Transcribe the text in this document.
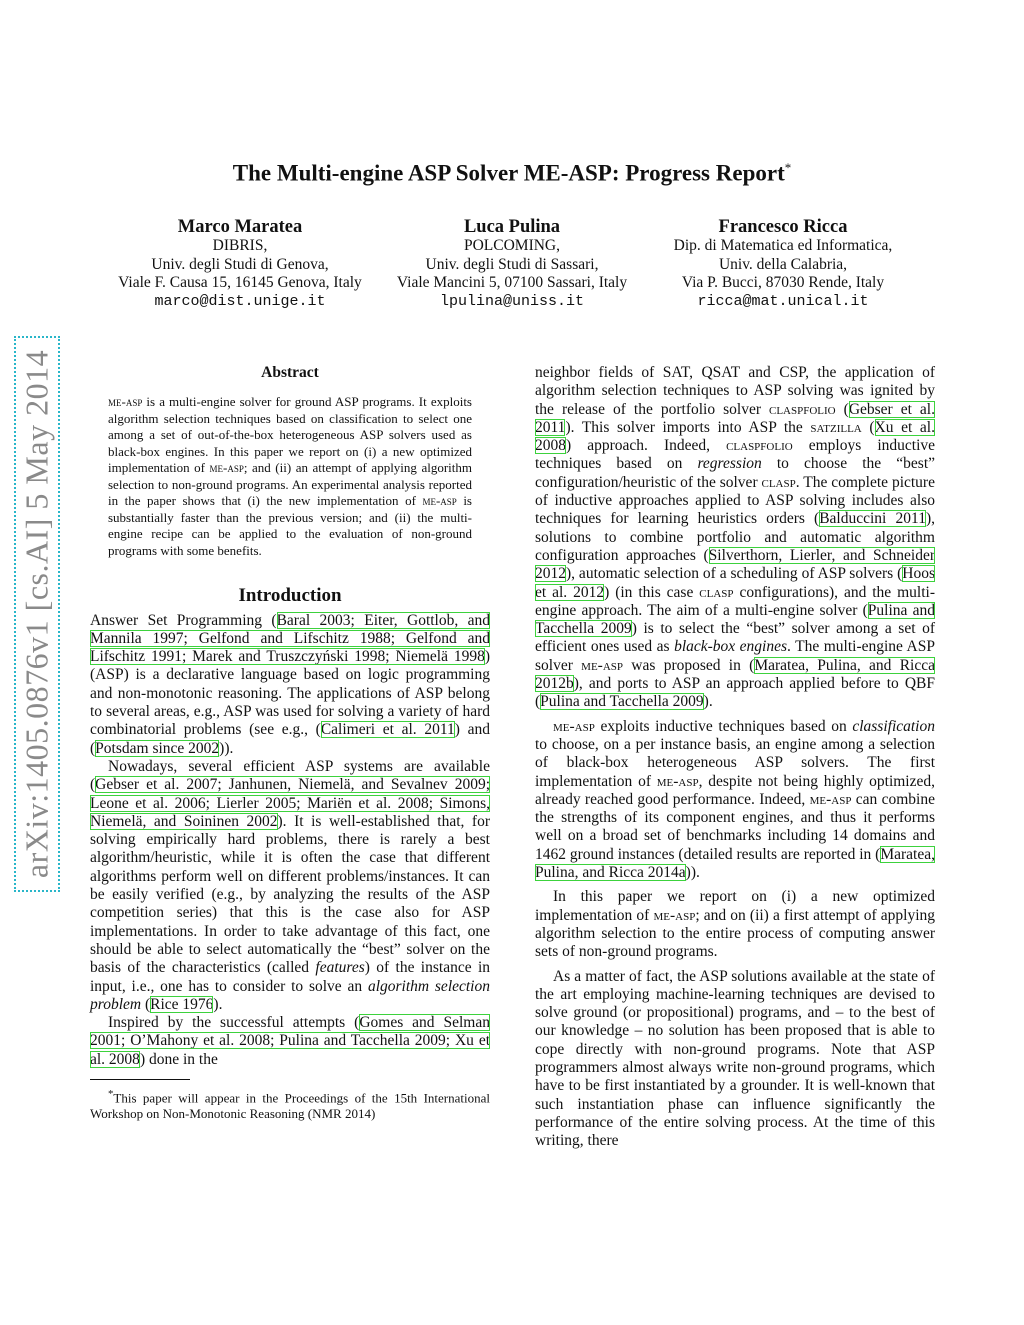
arXiv:1405.0876v1 [cs.AI] 5 May 2014
The Multi-engine ASP Solver ME-ASP: Progress Report*
Marco Maratea
DIBRIS,
Univ. degli Studi di Genova,
Viale F. Causa 15, 16145 Genova, Italy
marco@dist.unige.it
Luca Pulina
POLCOMING,
Univ. degli Studi di Sassari,
Viale Mancini 5, 07100 Sassari, Italy
lpulina@uniss.it
Francesco Ricca
Dip. di Matematica ed Informatica,
Univ. della Calabria,
Via P. Bucci, 87030 Rende, Italy
ricca@mat.unical.it
Abstract

me-asp is a multi-engine solver for ground ASP programs. It exploits algorithm selection techniques based on classification to select one among a set of out-of-the-box heterogeneous ASP solvers used as black-box engines. In this paper we report on (i) a new optimized implementation of me-asp; and (ii) an attempt of applying algorithm selection to non-ground programs. An experimental analysis reported in the paper shows that (i) the new implementation of me-asp is substantially faster than the previous version; and (ii) the multi-engine recipe can be applied to the evaluation of non-ground programs with some benefits.

Introduction

Answer Set Programming (Baral 2003; Eiter, Gottlob, and Mannila 1997; Gelfond and Lifschitz 1988; Gelfond and Lifschitz 1991; Marek and Truszczyński 1998; Niemelä 1998) (ASP) is a declarative language based on logic programming and non-monotonic reasoning. The applications of ASP belong to several areas, e.g., ASP was used for solving a variety of hard combinatorial problems (see e.g., (Calimeri et al. 2011) and (Potsdam since 2002)).

Nowadays, several efficient ASP systems are available (Gebser et al. 2007; Janhunen, Niemelä, and Sevalnev 2009; Leone et al. 2006; Lierler 2005; Mariën et al. 2008; Simons, Niemelä, and Soininen 2002). It is well-established that, for solving empirically hard problems, there is rarely a best algorithm/heuristic, while it is often the case that different algorithms perform well on different problems/instances. It can be easily verified (e.g., by analyzing the results of the ASP competition series) that this is the case also for ASP implementations. In order to take advantage of this fact, one should be able to select automatically the “best” solver on the basis of the characteristics (called features) of the instance in input, i.e., one has to consider to solve an algorithm selection problem (Rice 1976).

Inspired by the successful attempts (Gomes and Selman 2001; O’Mahony et al. 2008; Pulina and Tacchella 2009; Xu et al. 2008) done in the

*This paper will appear in the Proceedings of the 15th International Workshop on Non-Monotonic Reasoning (NMR 2014)

neighbor fields of SAT, QSAT and CSP, the application of algorithm selection techniques to ASP solving was ignited by the release of the portfolio solver claspfolio (Gebser et al. 2011). This solver imports into ASP the satzilla (Xu et al. 2008) approach. Indeed, claspfolio employs inductive techniques based on regression to choose the “best” configuration/heuristic of the solver clasp. The complete picture of inductive approaches applied to ASP solving includes also techniques for learning heuristics orders (Balduccini 2011), solutions to combine portfolio and automatic algorithm configuration approaches (Silverthorn, Lierler, and Schneider 2012), automatic selection of a scheduling of ASP solvers (Hoos et al. 2012) (in this case clasp configurations), and the multi-engine approach. The aim of a multi-engine solver (Pulina and Tacchella 2009) is to select the “best” solver among a set of efficient ones used as black-box engines. The multi-engine ASP solver me-asp was proposed in (Maratea, Pulina, and Ricca 2012b), and ports to ASP an approach applied before to QBF (Pulina and Tacchella 2009).

me-asp exploits inductive techniques based on classification to choose, on a per instance basis, an engine among a selection of black-box heterogeneous ASP solvers. The first implementation of me-asp, despite not being highly optimized, already reached good performance. Indeed, me-asp can combine the strengths of its component engines, and thus it performs well on a broad set of benchmarks including 14 domains and 1462 ground instances (detailed results are reported in (Maratea, Pulina, and Ricca 2014a)).

In this paper we report on (i) a new optimized implementation of me-asp; and on (ii) a first attempt of applying algorithm selection to the entire process of computing answer sets of non-ground programs.

As a matter of fact, the ASP solutions available at the state of the art employing machine-learning techniques are devised to solve ground (or propositional) programs, and – to the best of our knowledge – no solution has been proposed that is able to cope directly with non-ground programs. Note that ASP programmers almost always write non-ground programs, which have to be first instantiated by a grounder. It is well-known that such instantiation phase can influence significantly the performance of the entire solving process. At the time of this writing, there
